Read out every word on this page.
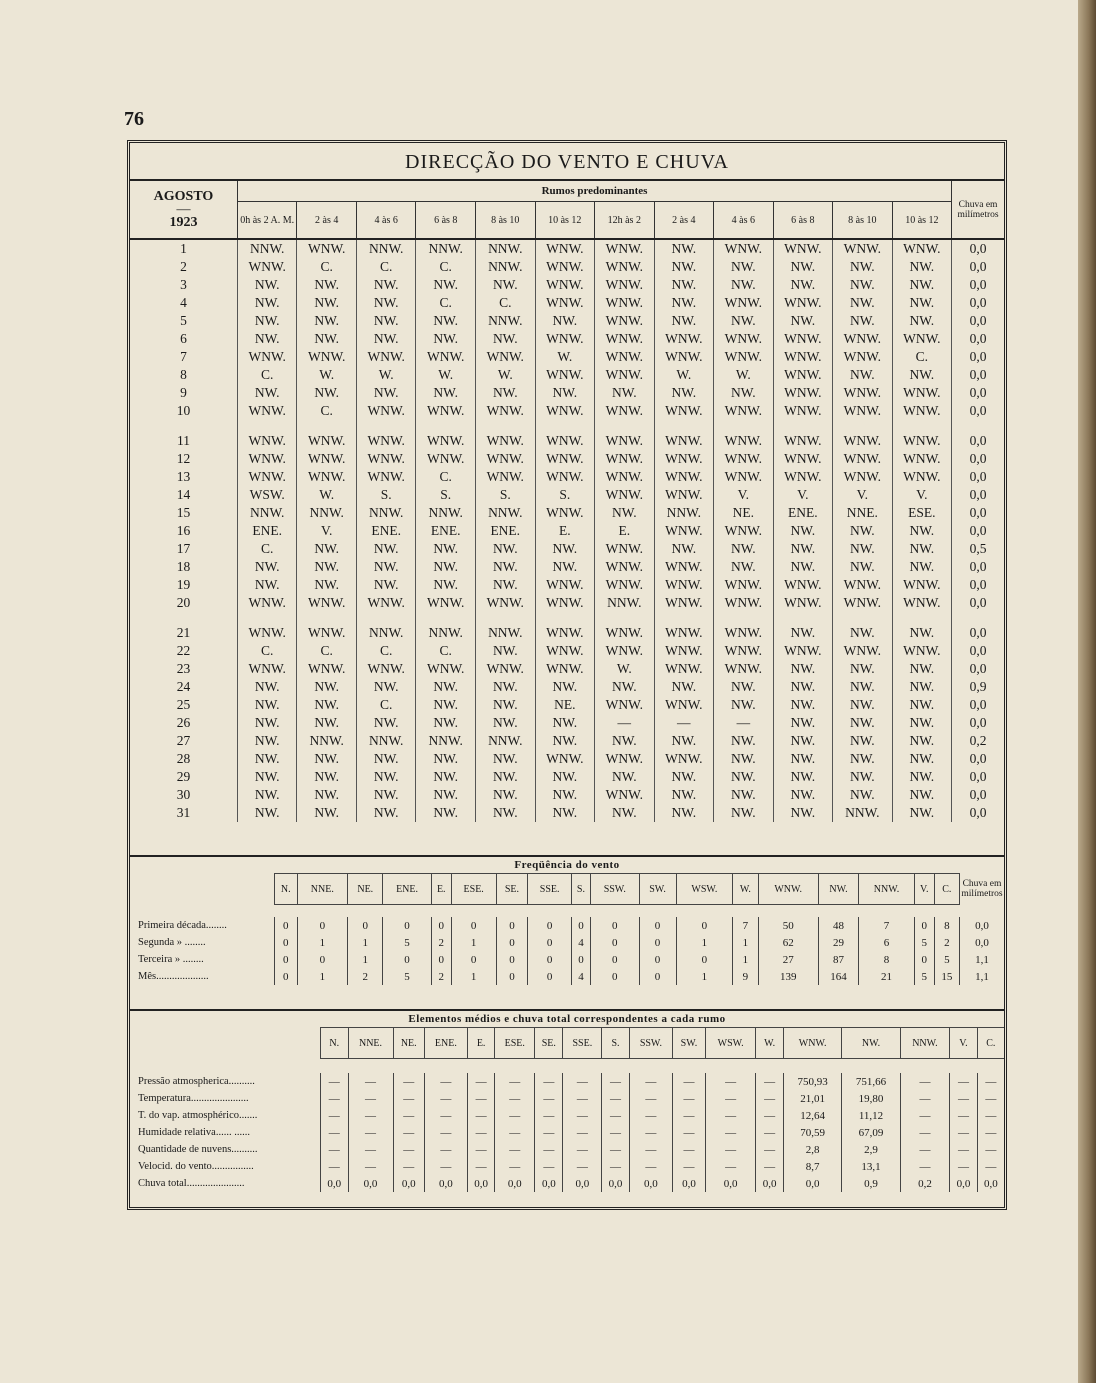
76
DIRECÇÃO DO VENTO E CHUVA
AGOSTO
—
1923	Rumos predominantes												Chuva em milímetros
	0h às 2 A. M.	2 às 4	4 às 6	6 às 8	8 às 10	10 às 12	12h às 2	2 às 4	4 às 6	6 às 8	8 às 10	10 às 12	
1	NNW.	WNW.	NNW.	NNW.	NNW.	WNW.	WNW.	NW.	WNW.	WNW.	WNW.	WNW.	0,0
2	WNW.	C.	C.	C.	NNW.	WNW.	WNW.	NW.	NW.	NW.	NW.	NW.	0,0
3	NW.	NW.	NW.	NW.	NW.	WNW.	WNW.	NW.	NW.	NW.	NW.	NW.	0,0
4	NW.	NW.	NW.	C.	C.	WNW.	WNW.	NW.	WNW.	WNW.	NW.	NW.	0,0
5	NW.	NW.	NW.	NW.	NNW.	NW.	WNW.	NW.	NW.	NW.	NW.	NW.	0,0
6	NW.	NW.	NW.	NW.	NW.	WNW.	WNW.	WNW.	WNW.	WNW.	WNW.	WNW.	0,0
7	WNW.	WNW.	WNW.	WNW.	WNW.	W.	WNW.	WNW.	WNW.	WNW.	WNW.	C.	0,0
8	C.	W.	W.	W.	W.	WNW.	WNW.	W.	W.	WNW.	NW.	NW.	0,0
9	NW.	NW.	NW.	NW.	NW.	NW.	NW.	NW.	NW.	WNW.	WNW.	WNW.	0,0
10	WNW.	C.	WNW.	WNW.	WNW.	WNW.	WNW.	WNW.	WNW.	WNW.	WNW.	WNW.	0,0

11	WNW.	WNW.	WNW.	WNW.	WNW.	WNW.	WNW.	WNW.	WNW.	WNW.	WNW.	WNW.	0,0
12	WNW.	WNW.	WNW.	WNW.	WNW.	WNW.	WNW.	WNW.	WNW.	WNW.	WNW.	WNW.	0,0
13	WNW.	WNW.	WNW.	C.	WNW.	WNW.	WNW.	WNW.	WNW.	WNW.	WNW.	WNW.	0,0
14	WSW.	W.	S.	S.	S.	S.	WNW.	WNW.	V.	V.	V.	V.	0,0
15	NNW.	NNW.	NNW.	NNW.	NNW.	WNW.	NW.	NNW.	NE.	ENE.	NNE.	ESE.	0,0
16	ENE.	V.	ENE.	ENE.	ENE.	E.	E.	WNW.	WNW.	NW.	NW.	NW.	0,0
17	C.	NW.	NW.	NW.	NW.	NW.	WNW.	NW.	NW.	NW.	NW.	NW.	0,5
18	NW.	NW.	NW.	NW.	NW.	NW.	WNW.	WNW.	NW.	NW.	NW.	NW.	0,0
19	NW.	NW.	NW.	NW.	NW.	WNW.	WNW.	WNW.	WNW.	WNW.	WNW.	WNW.	0,0
20	WNW.	WNW.	WNW.	WNW.	WNW.	WNW.	NNW.	WNW.	WNW.	WNW.	WNW.	WNW.	0,0

21	WNW.	WNW.	NNW.	NNW.	NNW.	WNW.	WNW.	WNW.	WNW.	NW.	NW.	NW.	0,0
22	C.	C.	C.	C.	NW.	WNW.	WNW.	WNW.	WNW.	WNW.	WNW.	WNW.	0,0
23	WNW.	WNW.	WNW.	WNW.	WNW.	WNW.	W.	WNW.	WNW.	NW.	NW.	NW.	0,0
24	NW.	NW.	NW.	NW.	NW.	NW.	NW.	NW.	NW.	NW.	NW.	NW.	0,9
25	NW.	NW.	C.	NW.	NW.	NE.	WNW.	WNW.	NW.	NW.	NW.	NW.	0,0
26	NW.	NW.	NW.	NW.	NW.	NW.	—	—	—	NW.	NW.	NW.	0,0
27	NW.	NNW.	NNW.	NNW.	NNW.	NW.	NW.	NW.	NW.	NW.	NW.	NW.	0,2
28	NW.	NW.	NW.	NW.	NW.	WNW.	WNW.	WNW.	NW.	NW.	NW.	NW.	0,0
29	NW.	NW.	NW.	NW.	NW.	NW.	NW.	NW.	NW.	NW.	NW.	NW.	0,0
30	NW.	NW.	NW.	NW.	NW.	NW.	WNW.	NW.	NW.	NW.	NW.	NW.	0,0
31	NW.	NW.	NW.	NW.	NW.	NW.	NW.	NW.	NW.	NW.	NNW.	NW.	0,0
Freqüência do vento																			
	N.	NNE.	NE.	ENE.	E.	ESE.	SE.	SSE.	S.	SSW.	SW.	WSW.	W.	WNW.	NW.	NNW.	V.	C.	Chuva em milímetros

Primeira década........	0	0	0	0	0	0	0	0	0	0	0	0	7	50	48	7	0	8	0,0
Segunda » ........	0	1	1	5	2	1	0	0	4	0	0	1	1	62	29	6	5	2	0,0
Terceira » ........	0	0	1	0	0	0	0	0	0	0	0	0	1	27	87	8	0	5	1,1
Mês....................	0	1	2	5	2	1	0	0	4	0	0	1	9	139	164	21	5	15	1,1
Elementos médios e chuva total correspondentes a cada rumo																		
	N.	NNE.	NE.	ENE.	E.	ESE.	SE.	SSE.	S.	SSW.	SW.	WSW.	W.	WNW.	NW.	NNW.	V.	C.

Pressão atmospherica..........	—	—	—	—	—	—	—	—	—	—	—	—	—	750,93	751,66	—	—	—
Temperatura......................	—	—	—	—	—	—	—	—	—	—	—	—	—	21,01	19,80	—	—	—
T. do vap. atmosphérico.......	—	—	—	—	—	—	—	—	—	—	—	—	—	12,64	11,12	—	—	—
Humidade relativa...... ......	—	—	—	—	—	—	—	—	—	—	—	—	—	70,59	67,09	—	—	—
Quantidade de nuvens..........	—	—	—	—	—	—	—	—	—	—	—	—	—	2,8	2,9	—	—	—
Velocid. do vento................	—	—	—	—	—	—	—	—	—	—	—	—	—	8,7	13,1	—	—	—
Chuva total......................	0,0	0,0	0,0	0,0	0,0	0,0	0,0	0,0	0,0	0,0	0,0	0,0	0,0	0,0	0,9	0,2	0,0	0,0
